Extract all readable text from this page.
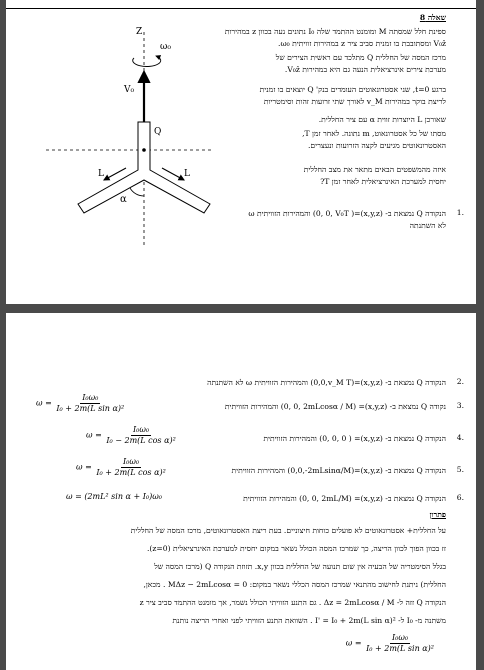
שאלה 8
ספינת חלל שמסתה M ומומנט ההתמד שלה I₀ נתונים נעה בכוון z במהירות
V₀ẑ ומסתובבת בו זמנית סביב ציר z במהירות זוויתית ω₀.
מרכז המסה של החללית Q מתלכד עם ראשית הצירים של
מערכת צירים אינרציאלית הנעה גם היא במהירות V₀ẑ.
ברגע t=0, שני אסטרונאוטים העומדים בנק' Q יוצאים בו זמנית
לריצת בוקר במהירות v_M לאורך שתי זרועות זהות וסימטריות
שאורכן L היוצרות זווית α עם ציר החללית.
מסתו של כל אסטרונאוט, m נתונה. לאחר זמן T,
האסטרונאוטים מגיעים לקצה הזרועות ונעצרים.
איזה מהמשפטים הבאים מתאר את מצב החללית
יחסית למערכת האינרציאלית לאחר זמן T?
הנקודה Q נמצאת ב- (x,y,z)=( 0, 0, V₀T) והמהירות הזוויתית ω
לא השתנתה
1.
Z
ω₀
V₀
Q
L	L
α
הנקודה Q נמצאת ב- (x,y,z)=(0,0,v_M T) והמהירות הזוויתית ω לא השתנתה 2.
נקודה Q נמצאת ב- (x,y,z)= (0, 0, 2mLcosα / M) והמהירות הזוויתית 3.
$\omega = \frac{\text{I₀ω₀}}{\text{I₀ + 2m(L sin α)²}}$
הנקודה Q נמצאת ב- (x,y,z)= ( 0, 0, 0) והמהירות הזוויתית 4.
$\omega = \frac{\text{I₀ω₀}}{\text{I₀ − 2m(L cos α)²}}$
הנקודה Q נמצאת ב- (x,y,z)=(0,0,-2mLsinα/M) והמהירות הזוויתית 5.
$\omega = \frac{\text{I₀ω₀}}{\text{I₀ + 2m(L cos α)²}}$
הנקודה Q נמצאת ב- (x,y,z)= (0, 0, 2mL/M) והמהירות הזוויתית 6.
ω = (2mL² sin α + I₀)ω₀
פתרון
על החללית+ אסטרונאוטים לא פועלים כוחות חיצוניים. בעת ריצת האסטרונאוטים, מרכז המסה של החללית
זז בכוון הפוך לכוון הריצה, כך שמרכז המסה הכולל נשאר במקום יחסית למערכת האינרציאלית (z=0).
בגלל הסימטריה של הבעיה אין שום תנועה של החללית בכוון x,y. תזוזת הנקודה Q (מרכז המסה של
החללית) ניתנת לחישוב מהתנאי שמרכז המסה הכללי נשאר במקום: MΔz − 2mLcosα = 0 . מכאן,
הנקודה Q זזה ל- Δz = 2mLcosα / M . גם התנע הזוויתי הכולל נשמר, אך מומנט ההתמד סביב ציר z
משתנה מ- I₀ ל- I' = I₀ + 2m(L sin α)² . השוואת התנע הזוויתי לפני ואחרי הריצה נותנת
$\omega = \frac{\text{I₀ω₀}}{\text{I₀ + 2m(L sin α)²}}$
